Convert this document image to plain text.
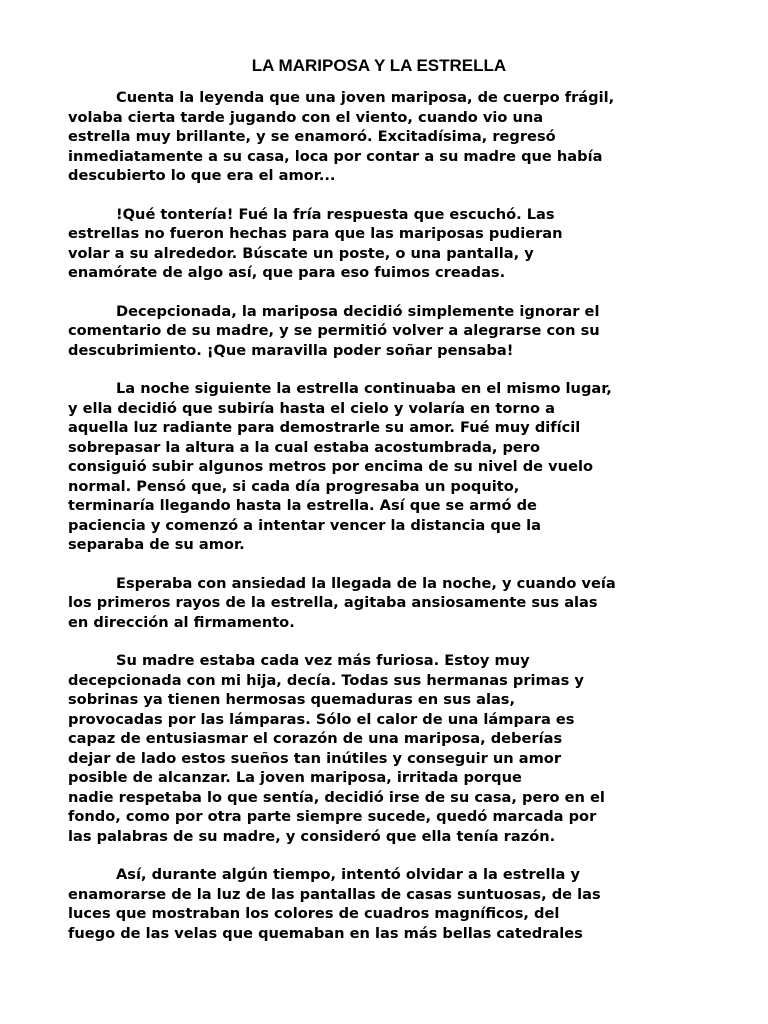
LA MARIPOSA Y LA ESTRELLA
Cuenta la leyenda que una joven mariposa, de cuerpo frágil,
volaba cierta tarde jugando con el viento, cuando vio una
estrella muy brillante, y se enamoró. Excitadísima, regresó
inmediatamente a su casa, loca por contar a su madre que había
descubierto lo que era el amor...
!Qué tontería! Fué la fría respuesta que escuchó. Las
estrellas no fueron hechas para que las mariposas pudieran
volar a su alrededor. Búscate un poste, o una pantalla, y
enamórate de algo así, que para eso fuimos creadas.
Decepcionada, la mariposa decidió simplemente ignorar el
comentario de su madre, y se permitió volver a alegrarse con su
descubrimiento. ¡Que maravilla poder soñar pensaba!
La noche siguiente la estrella continuaba en el mismo lugar,
y ella decidió que subiría hasta el cielo y volaría en torno a
aquella luz radiante para demostrarle su amor. Fué muy difícil
sobrepasar la altura a la cual estaba acostumbrada, pero
consiguió subir algunos metros por encima de su nivel de vuelo
normal. Pensó que, si cada día progresaba un poquito,
terminaría llegando hasta la estrella. Así que se armó de
paciencia y comenzó a intentar vencer la distancia que la
separaba de su amor.
Esperaba con ansiedad la llegada de la noche, y cuando veía
los primeros rayos de la estrella, agitaba ansiosamente sus alas
en dirección al firmamento.
Su madre estaba cada vez más furiosa. Estoy muy
decepcionada con mi hija, decía. Todas sus hermanas primas y
sobrinas ya tienen hermosas quemaduras en sus alas,
provocadas por las lámparas. Sólo el calor de una lámpara es
capaz de entusiasmar el corazón de una mariposa, deberías
dejar de lado estos sueños tan inútiles y conseguir un amor
posible de alcanzar. La joven mariposa, irritada porque
nadie respetaba lo que sentía, decidió irse de su casa, pero en el
fondo, como por otra parte siempre sucede, quedó marcada por
las palabras de su madre, y consideró que ella tenía razón.
Así, durante algún tiempo, intentó olvidar a la estrella y
enamorarse de la luz de las pantallas de casas suntuosas, de las
luces que mostraban los colores de cuadros magníficos, del
fuego de las velas que quemaban en las más bellas catedrales
